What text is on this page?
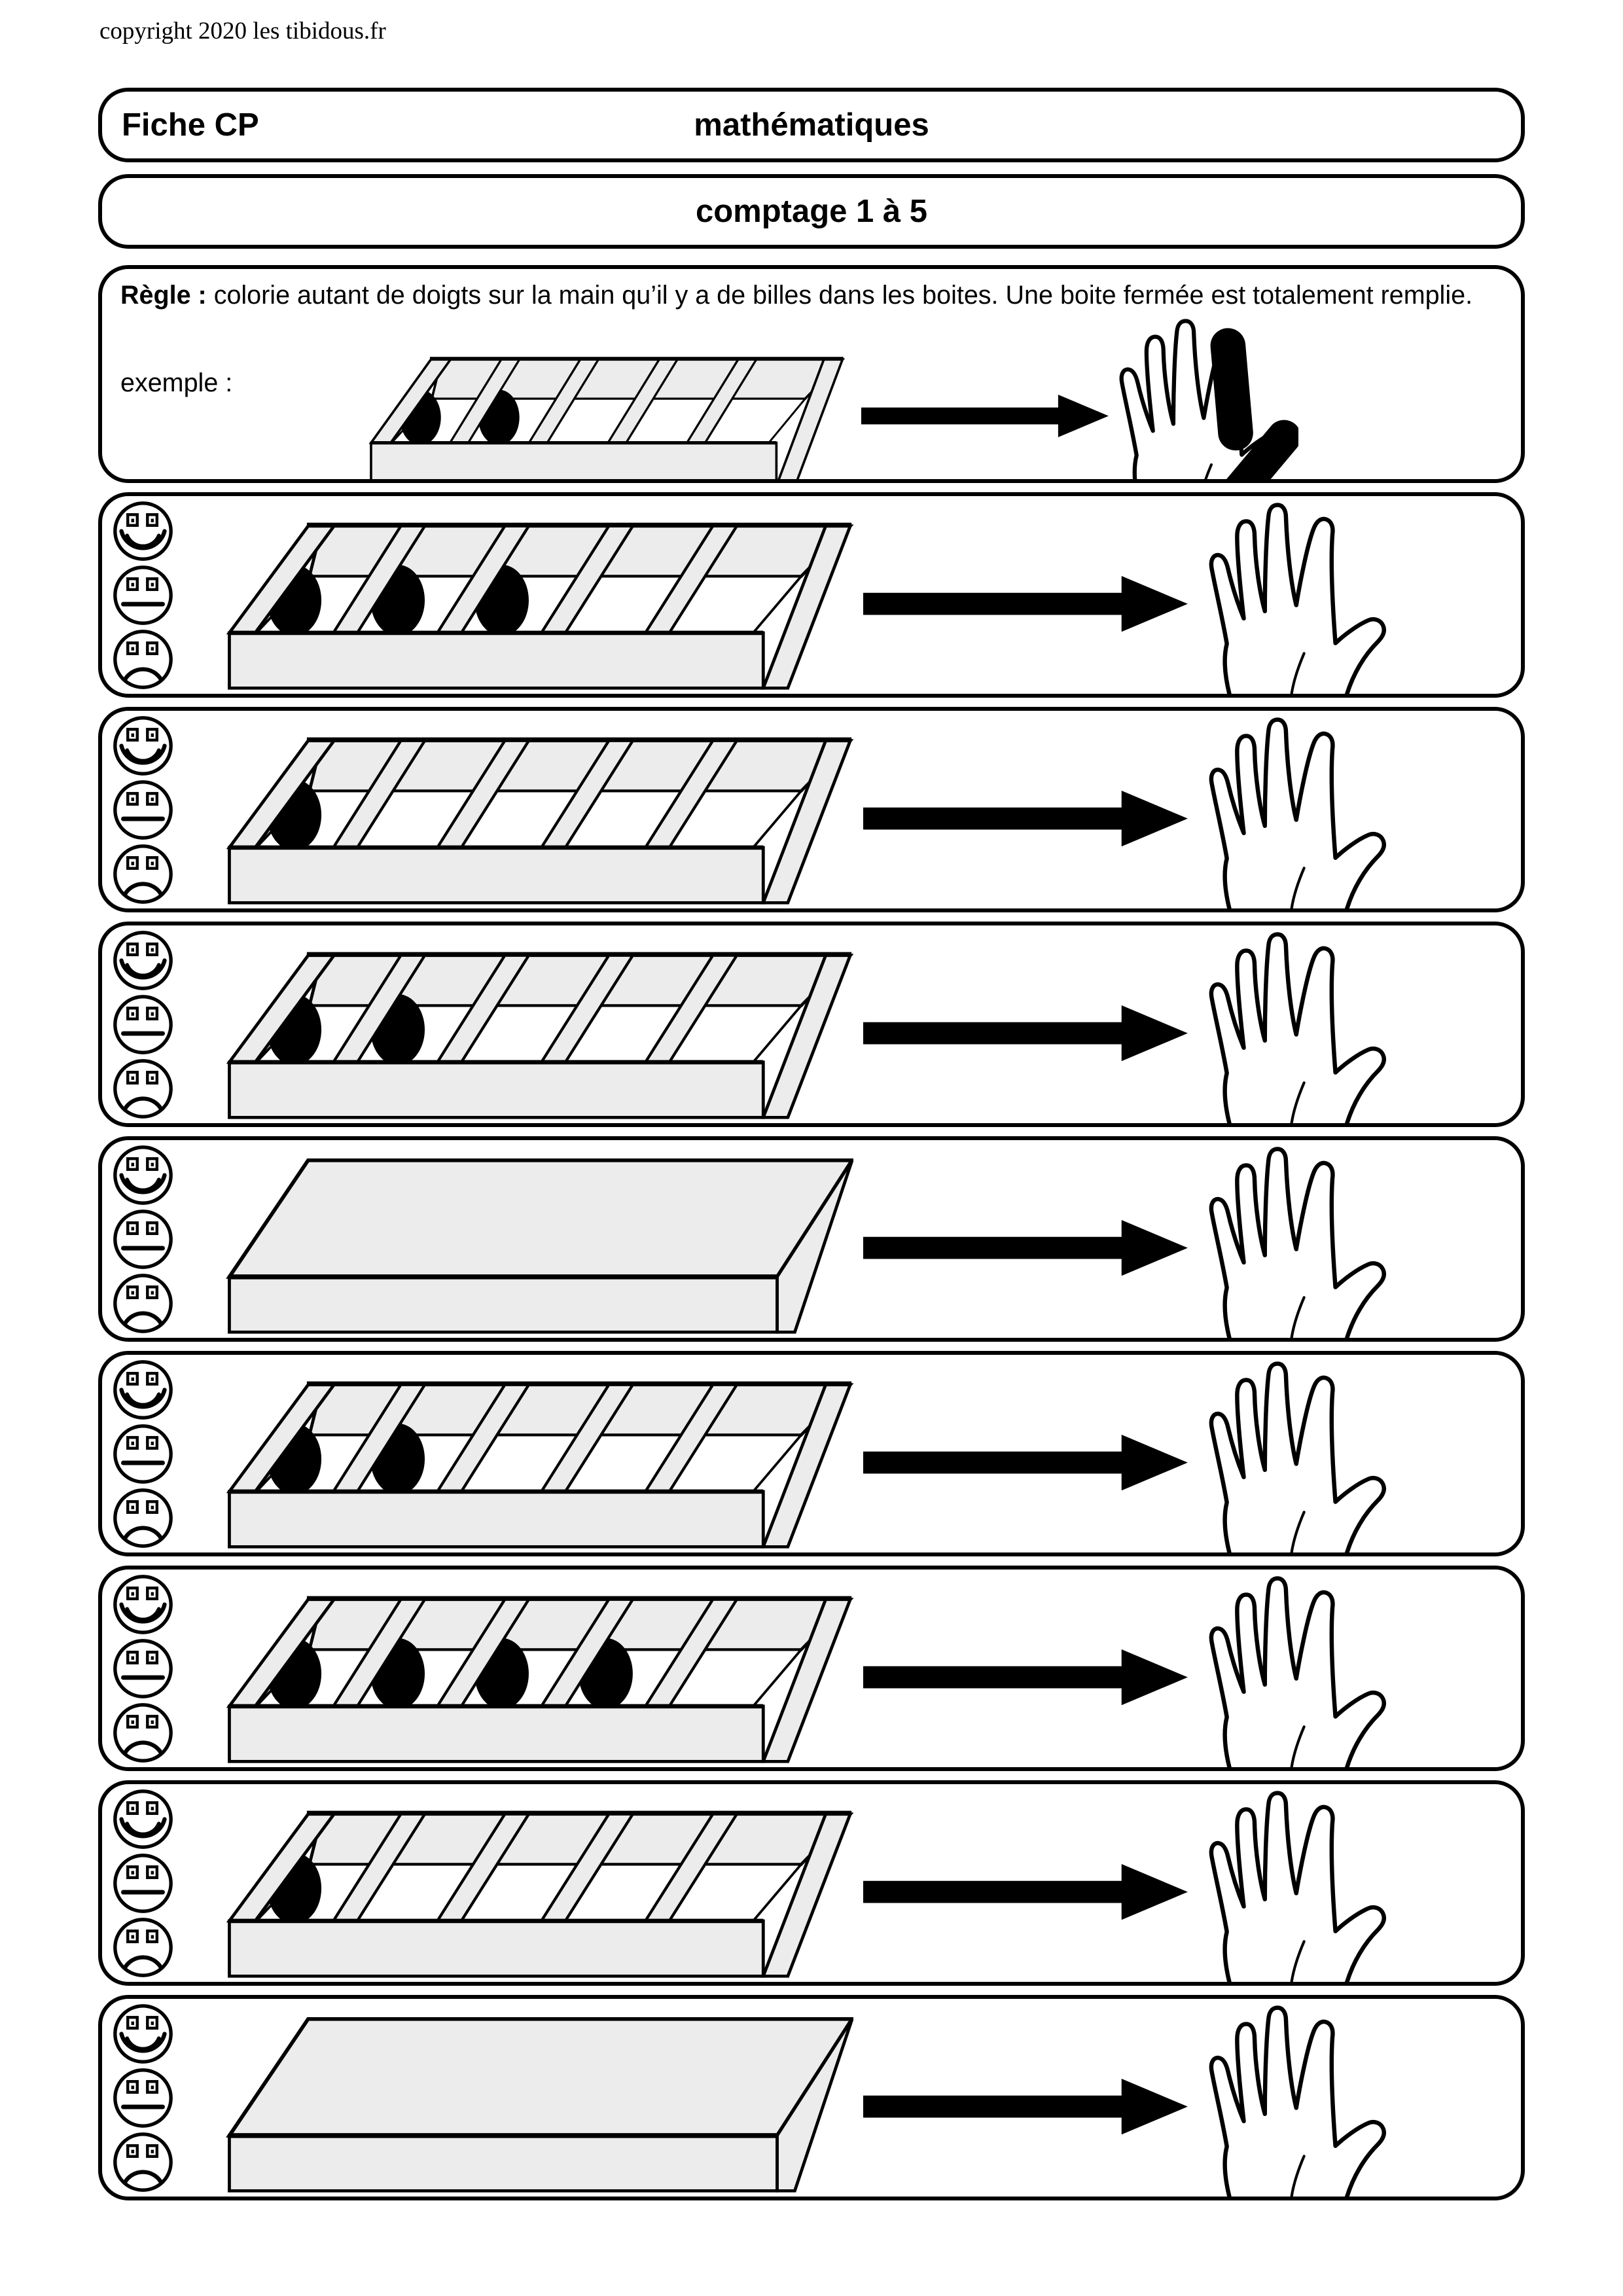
copyright 2020 les tibidous.fr
Fiche CP	mathématiques
comptage 1 à 5
Règle : colorie autant de doigts sur la main qu’il y a de billes dans les boites. Une boite fermée est totalement remplie.
exemple :
